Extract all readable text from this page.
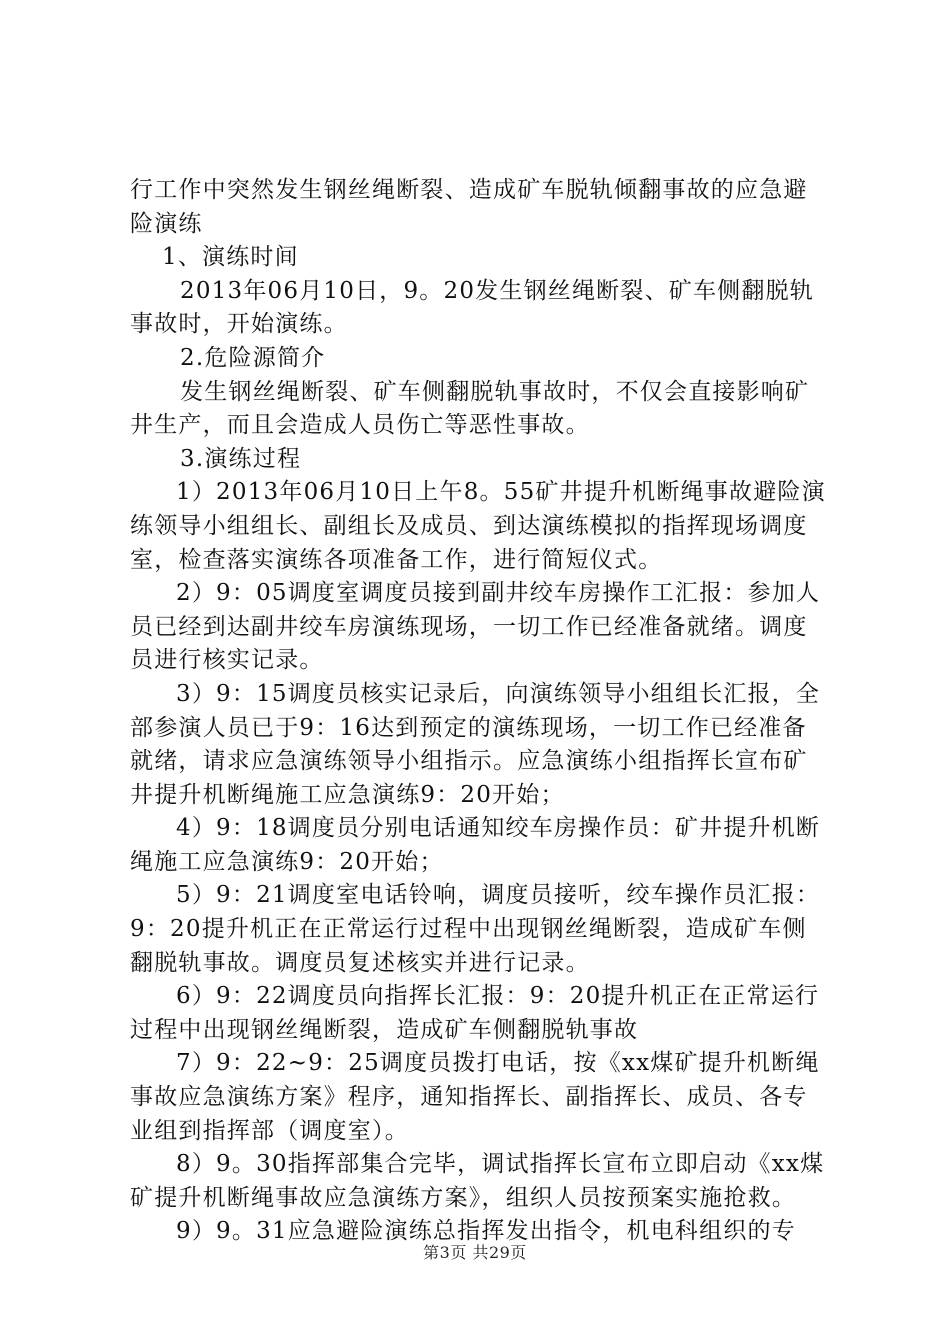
行工作中突然发生钢丝绳断裂、造成矿车脱轨倾翻事故的应急避险演练

1、演练时间

2013年06月10日，9。20发生钢丝绳断裂、矿车侧翻脱轨事故时，开始演练。

2.危险源简介

发生钢丝绳断裂、矿车侧翻脱轨事故时，不仅会直接影响矿井生产，而且会造成人员伤亡等恶性事故。

3.演练过程

1）2013年06月10日上午8。55矿井提升机断绳事故避险演练领导小组组长、副组长及成员、到达演练模拟的指挥现场调度室，检查落实演练各项准备工作，进行简短仪式。

2）9：05调度室调度员接到副井绞车房操作工汇报：参加人员已经到达副井绞车房演练现场，一切工作已经准备就绪。调度员进行核实记录。

3）9：15调度员核实记录后，向演练领导小组组长汇报，全部参演人员已于9：16达到预定的演练现场，一切工作已经准备就绪，请求应急演练领导小组指示。应急演练小组指挥长宣布矿井提升机断绳施工应急演练9：20开始；

4）9：18调度员分别电话通知绞车房操作员：矿井提升机断绳施工应急演练9：20开始；

5）9：21调度室电话铃响，调度员接听，绞车操作员汇报：9：20提升机正在正常运行过程中出现钢丝绳断裂，造成矿车侧翻脱轨事故。调度员复述核实并进行记录。

6）9：22调度员向指挥长汇报：9：20提升机正在正常运行过程中出现钢丝绳断裂，造成矿车侧翻脱轨事故

7）9：22~9：25调度员拨打电话，按《xx煤矿提升机断绳事故应急演练方案》程序，通知指挥长、副指挥长、成员、各专业组到指挥部（调度室）。

8）9。30指挥部集合完毕，调试指挥长宣布立即启动《xx煤矿提升机断绳事故应急演练方案》，组织人员按预案实施抢救。

9）9。31应急避险演练总指挥发出指令，机电科组织的专

第3页 共29页
